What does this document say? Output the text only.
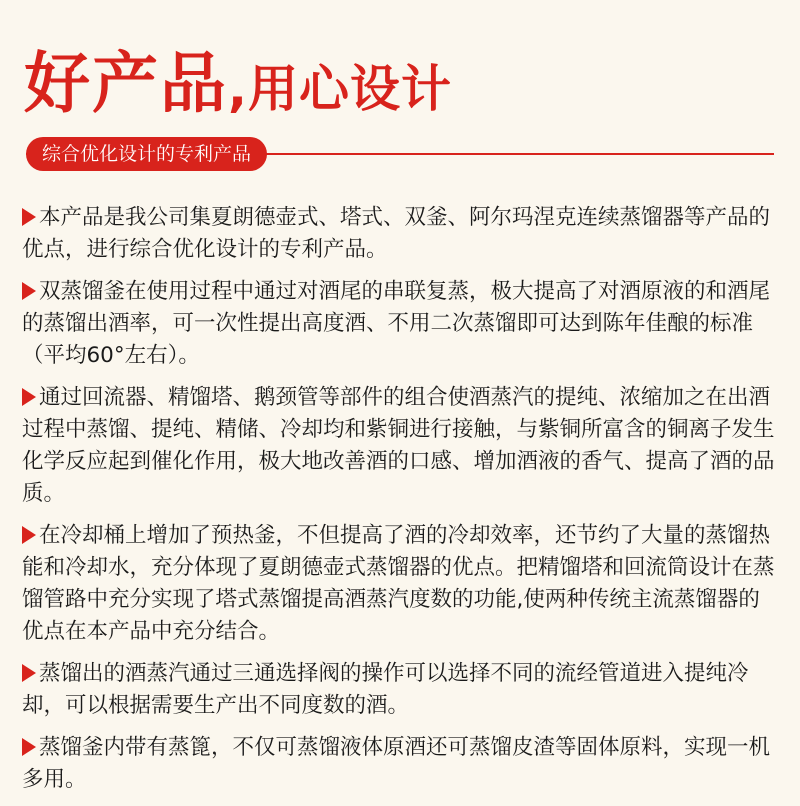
好产品 ,用心设计
综合优化设计的专利产品

本产品是我公司集夏朗德壶式、塔式、双釜、阿尔玛涅克连续蒸馏器等产品的优点，进行综合优化设计的专利产品。

双蒸馏釜在使用过程中通过对酒尾的串联复蒸，极大提高了对酒原液的和酒尾的蒸馏出酒率，可一次性提出高度酒、不用二次蒸馏即可达到陈年佳酿的标准（平均60°左右）。

通过回流器、精馏塔、鹅颈管等部件的组合使酒蒸汽的提纯、浓缩加之在出酒过程中蒸馏、提纯、精储、冷却均和紫铜进行接触，与紫铜所富含的铜离子发生化学反应起到催化作用，极大地改善酒的口感、增加酒液的香气、提高了酒的品质。

在冷却桶上增加了预热釜，不但提高了酒的冷却效率，还节约了大量的蒸馏热能和冷却水，充分体现了夏朗德壶式蒸馏器的优点。把精馏塔和回流筒设计在蒸馏管路中充分实现了塔式蒸馏提高酒蒸汽度数的功能,使两种传统主流蒸馏器的优点在本产品中充分结合。

蒸馏出的酒蒸汽通过三通选择阀的操作可以选择不同的流经管道进入提纯冷却，可以根据需要生产出不同度数的酒。

蒸馏釜内带有蒸篦，不仅可蒸馏液体原酒还可蒸馏皮渣等固体原料，实现一机多用。
